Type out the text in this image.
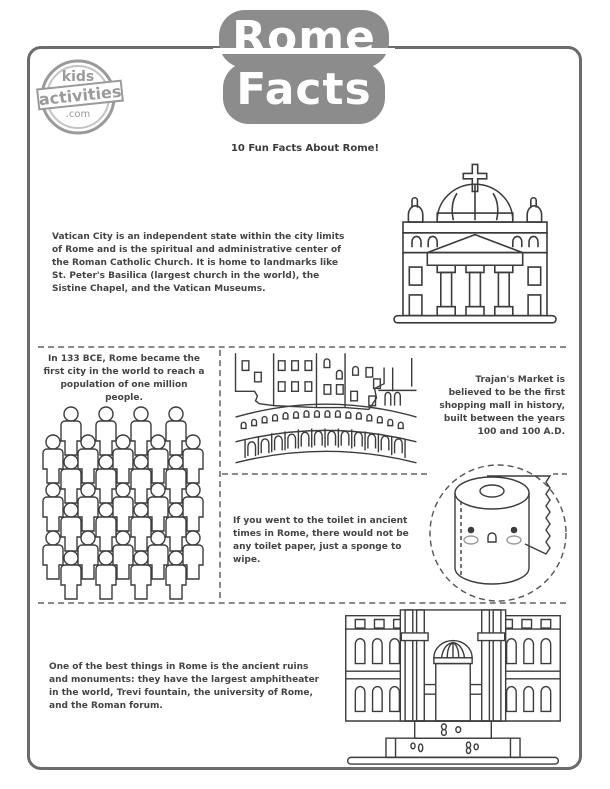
Rome
Facts
kids
activities
.com
10 Fun Facts About Rome!
Vatican City is an independent state within the city limits of Rome and is the spiritual and administrative center of the Roman Catholic Church. It is home to landmarks like St. Peter's Basilica (largest church in the world), the Sistine Chapel, and the Vatican Museums.
In 133 BCE, Rome became the first city in the world to reach a population of one million people.
Trajan's Market is believed to be the first shopping mall in history, built between the years 100 and 100 A.D.
If you went to the toilet in ancient times in Rome, there would not be any toilet paper, just a sponge to wipe.
One of the best things in Rome is the ancient ruins and monuments: they have the largest amphitheater in the world, Trevi fountain, the university of Rome, and the Roman forum.
